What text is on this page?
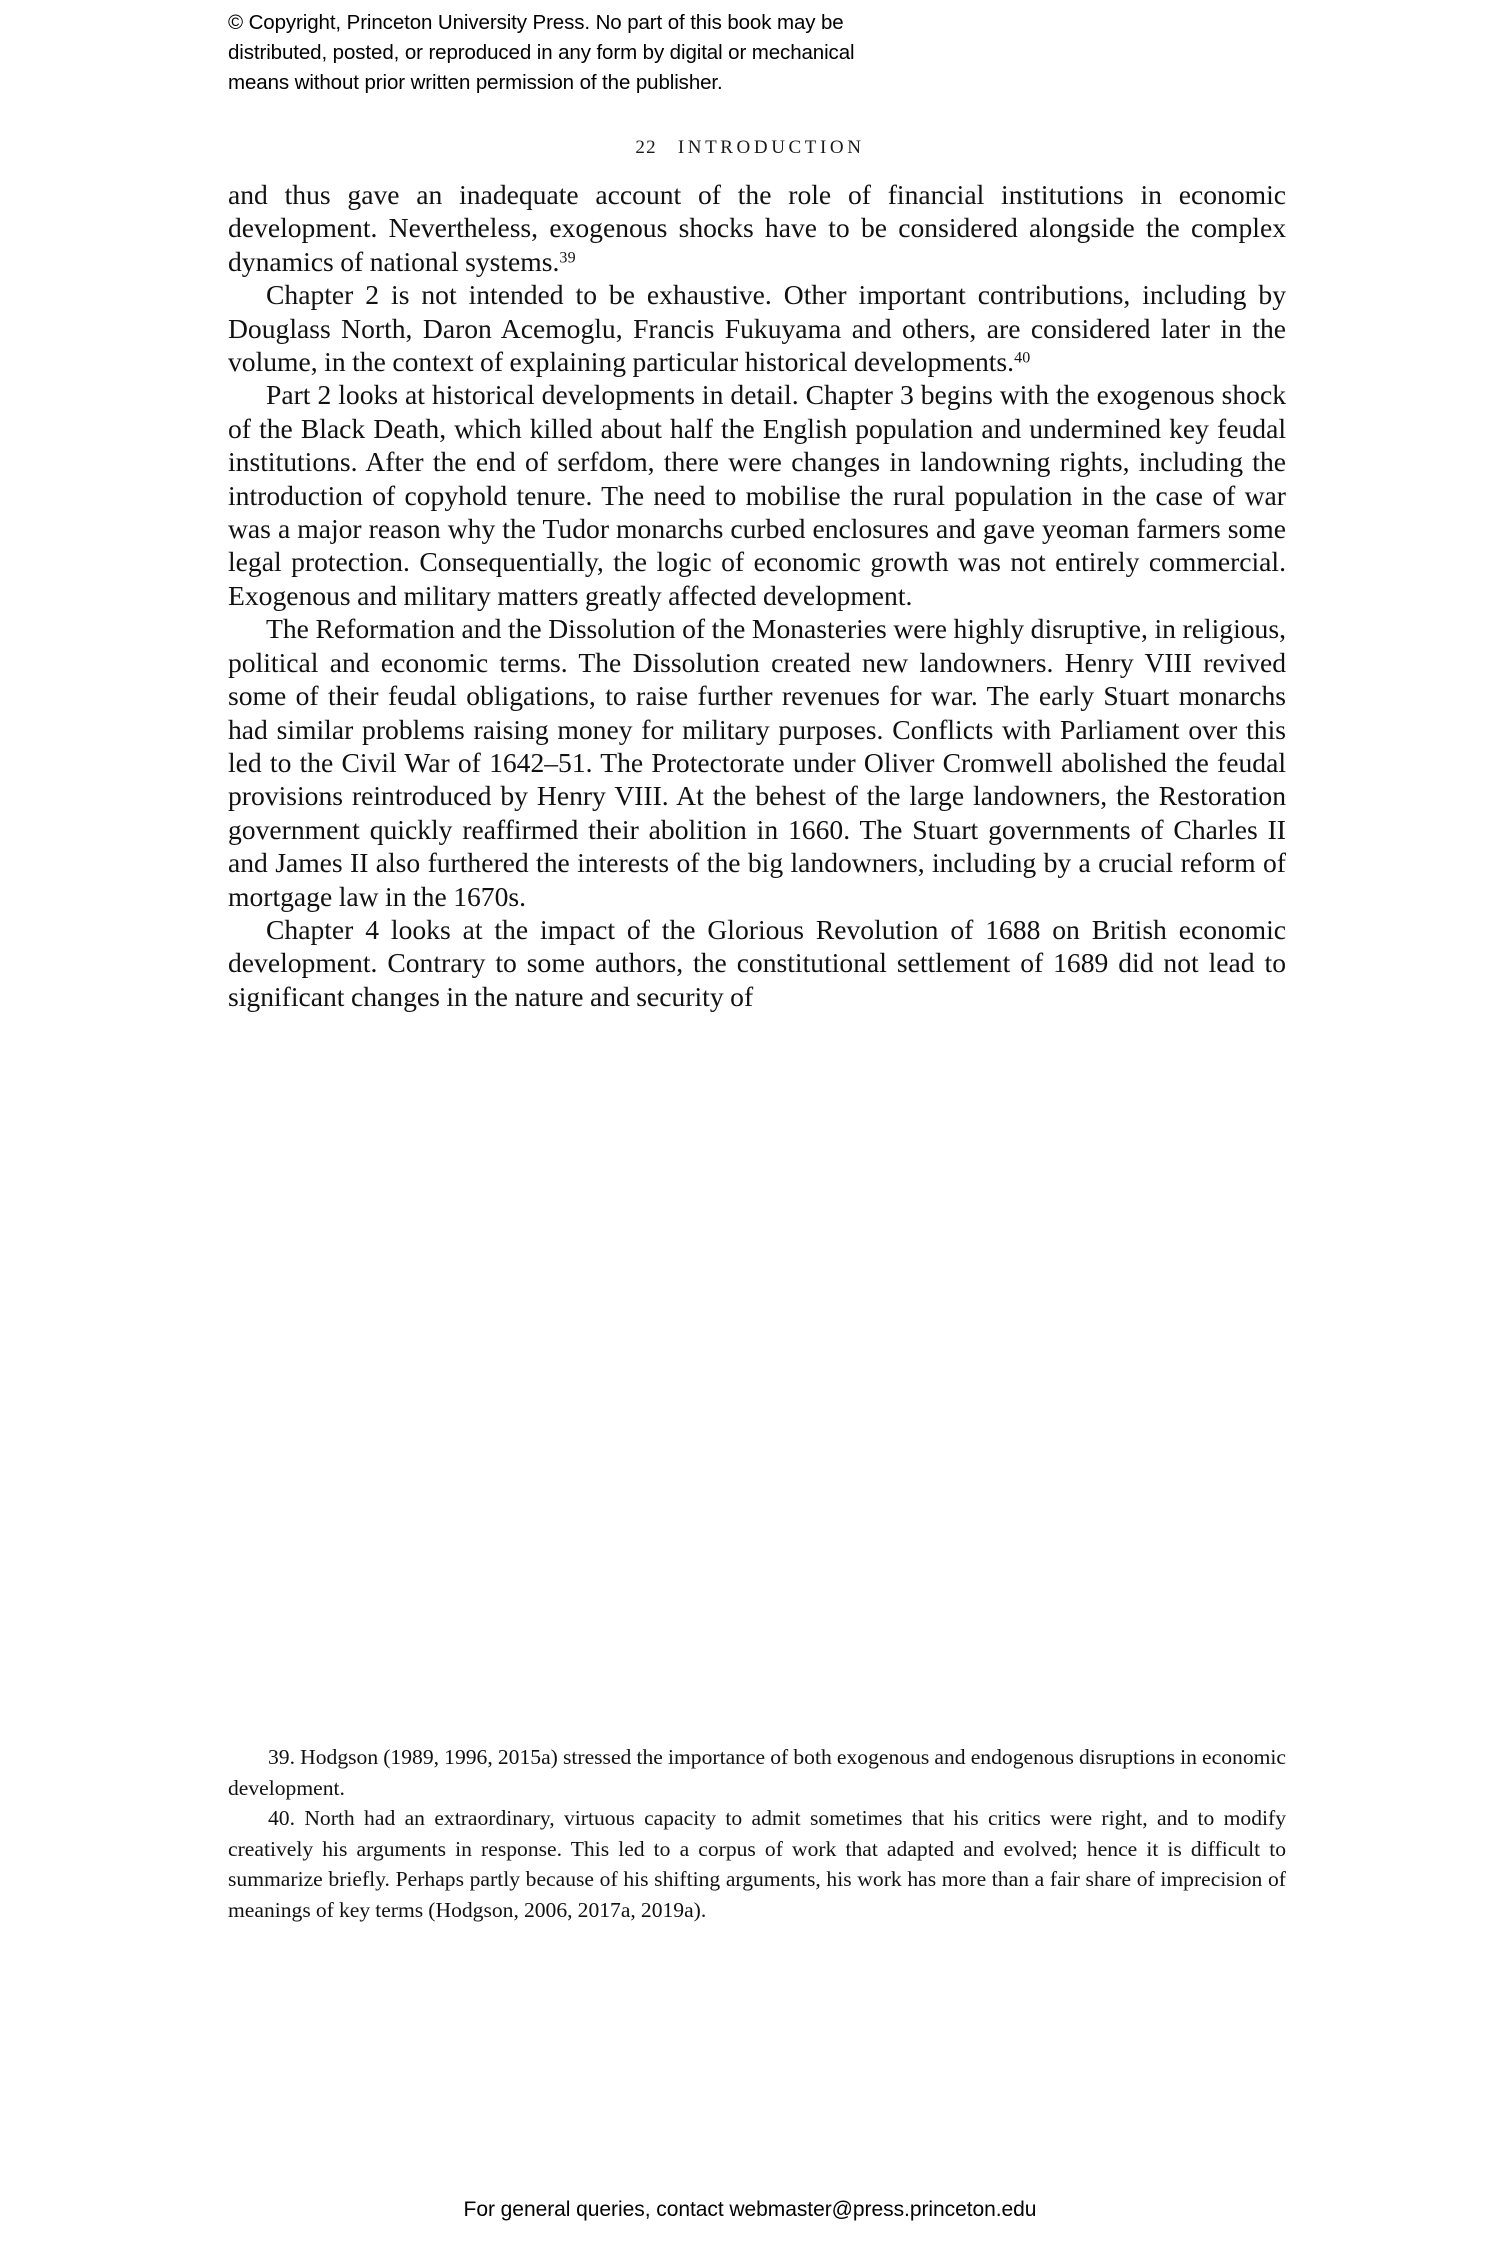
© Copyright, Princeton University Press. No part of this book may be
distributed, posted, or reproduced in any form by digital or mechanical
means without prior written permission of the publisher.
22 INTRODUCTION

and thus gave an inadequate account of the role of financial institutions in economic development. Nevertheless, exogenous shocks have to be considered alongside the complex dynamics of national systems.$^{39}$

Chapter 2 is not intended to be exhaustive. Other important contributions, including by Douglass North, Daron Acemoglu, Francis Fukuyama and others, are considered later in the volume, in the context of explaining particular historical developments.$^{40}$

Part 2 looks at historical developments in detail. Chapter 3 begins with the exogenous shock of the Black Death, which killed about half the English population and undermined key feudal institutions. After the end of serfdom, there were changes in landowning rights, including the introduction of copyhold tenure. The need to mobilise the rural population in the case of war was a major reason why the Tudor monarchs curbed enclosures and gave yeoman farmers some legal protection. Consequentially, the logic of economic growth was not entirely commercial. Exogenous and military matters greatly affected development.

The Reformation and the Dissolution of the Monasteries were highly disruptive, in religious, political and economic terms. The Dissolution created new landowners. Henry VIII revived some of their feudal obligations, to raise further revenues for war. The early Stuart monarchs had similar problems raising money for military purposes. Conflicts with Parliament over this led to the Civil War of 1642–51. The Protectorate under Oliver Cromwell abolished the feudal provisions reintroduced by Henry VIII. At the behest of the large landowners, the Restoration government quickly reaffirmed their abolition in 1660. The Stuart governments of Charles II and James II also furthered the interests of the big landowners, including by a crucial reform of mortgage law in the 1670s.

Chapter 4 looks at the impact of the Glorious Revolution of 1688 on British economic development. Contrary to some authors, the constitutional settlement of 1689 did not lead to significant changes in the nature and security of

39. Hodgson (1989, 1996, 2015a) stressed the importance of both exogenous and endogenous disruptions in economic development.

40. North had an extraordinary, virtuous capacity to admit sometimes that his critics were right, and to modify creatively his arguments in response. This led to a corpus of work that adapted and evolved; hence it is difficult to summarize briefly. Perhaps partly because of his shifting arguments, his work has more than a fair share of imprecision of meanings of key terms (Hodgson, 2006, 2017a, 2019a).

For general queries, contact webmaster@press.princeton.edu
